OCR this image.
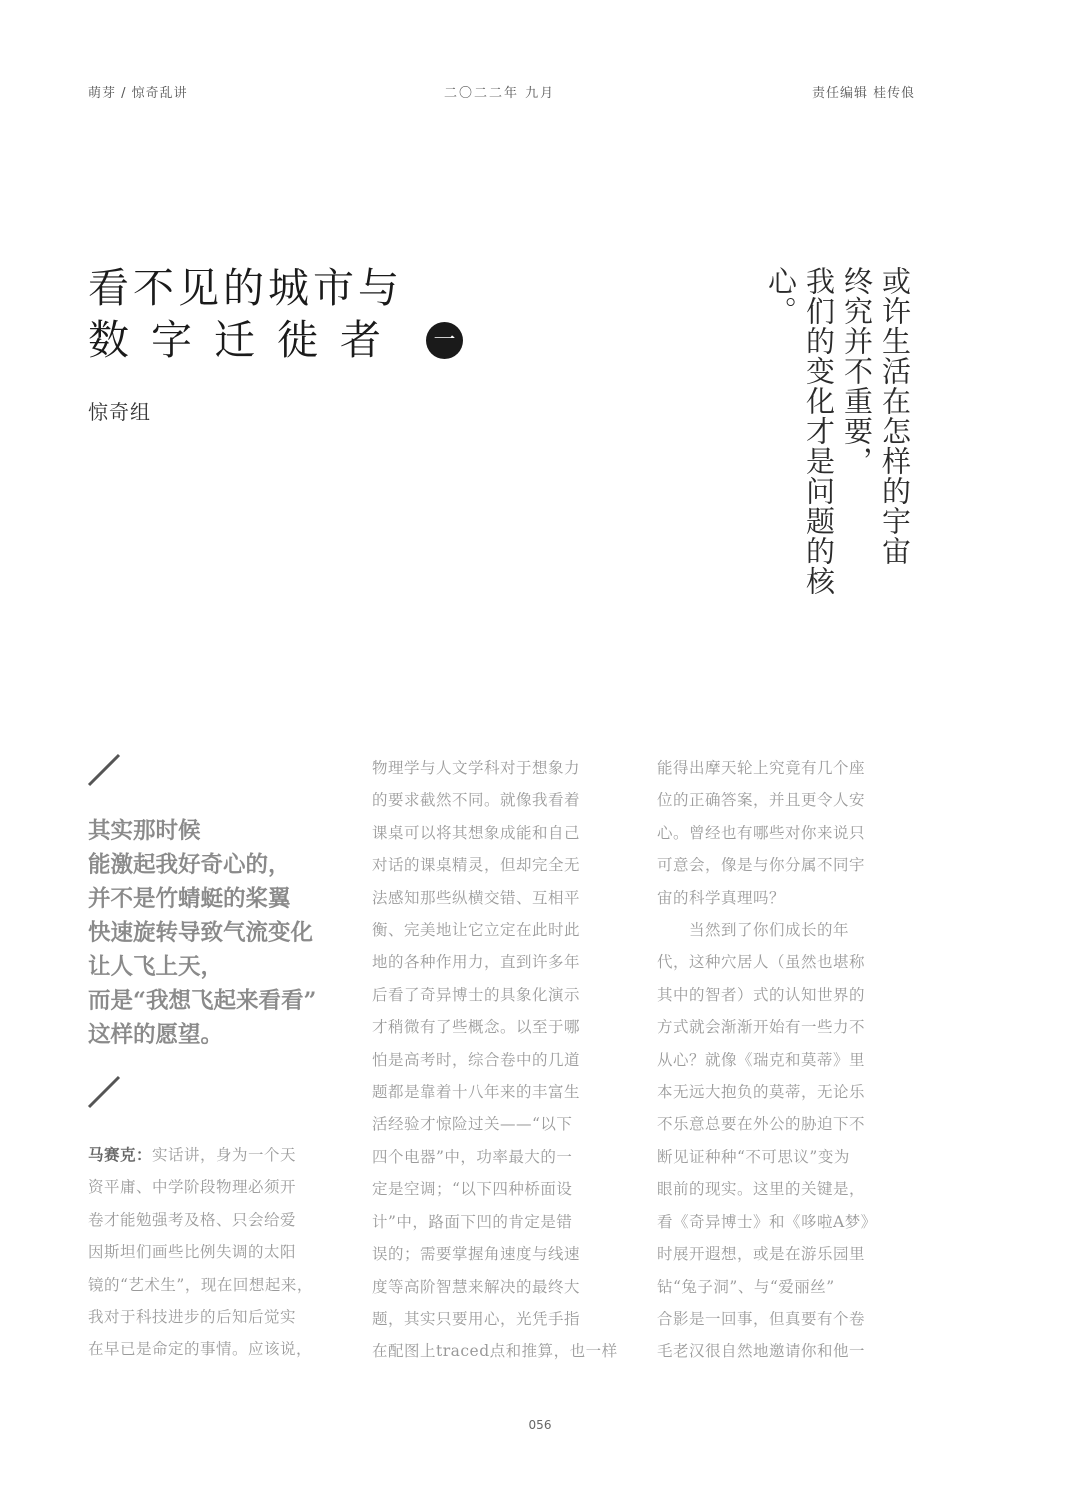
萌芽 / 惊奇乱讲	二〇二二年 九月	责任编辑 桂传俍
看不见的城市与
数字迁徙者 一
惊奇组	或许生活在怎样的宇宙
终究并不重要，
我们的变化才是问题的核心。
其实那时候
能激起我好奇心的，
并不是竹蜻蜓的桨翼
快速旋转导致气流变化
让人飞上天，
而是“我想飞起来看看”
这样的愿望。
马赛克：实话讲，身为一个天
资平庸、中学阶段物理必须开
卷才能勉强考及格、只会给爱
因斯坦们画些比例失调的太阳
镜的“艺术生”，现在回想起来，
我对于科技进步的后知后觉实
在早已是命定的事情。应该说，
物理学与人文学科对于想象力
的要求截然不同。就像我看着
课桌可以将其想象成能和自己
对话的课桌精灵，但却完全无
法感知那些纵横交错、互相平
衡、完美地让它立定在此时此
地的各种作用力，直到许多年
后看了奇异博士的具象化演示
才稍微有了些概念。以至于哪
怕是高考时，综合卷中的几道
题都是靠着十八年来的丰富生
活经验才惊险过关——“以下
四个电器”中，功率最大的一
定是空调；“以下四种桥面设
计”中，路面下凹的肯定是错
误的；需要掌握角速度与线速
度等高阶智慧来解决的最终大
题，其实只要用心，光凭手指
在配图上traced点和推算，也一样
能得出摩天轮上究竟有几个座
位的正确答案，并且更令人安
心。曾经也有哪些对你来说只
可意会，像是与你分属不同宇
宙的科学真理吗？
　　当然到了你们成长的年
代，这种穴居人（虽然也堪称
其中的智者）式的认知世界的
方式就会渐渐开始有一些力不
从心？就像《瑞克和莫蒂》里
本无远大抱负的莫蒂，无论乐
不乐意总要在外公的胁迫下不
断见证种种“不可思议”变为
眼前的现实。这里的关键是，
看《奇异博士》和《哆啦A梦》
时展开遐想，或是在游乐园里
钻“兔子洞”、与“爱丽丝”
合影是一回事，但真要有个卷
毛老汉很自然地邀请你和他一
056
